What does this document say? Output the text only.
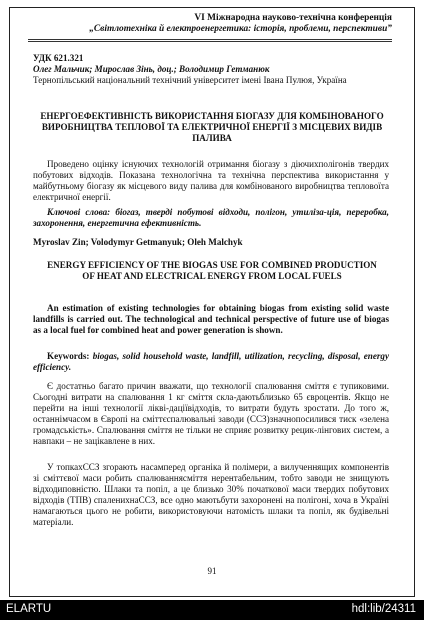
VI Міжнародна науково-технічна конференція
„Світлотехніка й електроенергетика: історія, проблеми, перспективи”
УДК 621.321
Олег Мальчик; Мирослав Зінь, доц.; Володимир Гетманюк
Тернопільський національний технічний університет імені Івана Пулюя, Україна
ЕНЕРГОЕФЕКТИВНІСТЬ ВИКОРИСТАННЯ БІОГАЗУ ДЛЯ КОМБІНОВАНОГО ВИРОБНИЦТВА ТЕПЛОВОЇ ТА ЕЛЕКТРИЧНОЇ ЕНЕРГІЇ З МІСЦЕВИХ ВИДІВ ПАЛИВА
Проведено оцінку існуючих технологій отримання біогазу з діючихполігонів твердих побутових відходів. Показана технологічна та технічна перспектива використання у майбутньому біогазу як місцевого виду палива для комбінованого виробництва тепловоїта електричної енергії.
Ключові слова: біогаз, тверді побутові відходи, полігон, утиліза-ція, переробка, захоронення, енергетична ефективність.
Myroslav Zin; Volodymyr Getmanyuk; Oleh Malchyk
ENERGY EFFICIENCY OF THE BIOGAS USE FOR COMBINED PRODUCTION OF HEAT AND ELECTRICAL ENERGY FROM LOCAL FUELS
An estimation of existing technologies for obtaining biogas from existing solid waste landfills is carried out. The technological and technical perspective of future use of biogas as a local fuel for combined heat and power generation is shown.
Keywords: biogas, solid household waste, landfill, utilization, recycling, disposal, energy efficiency.
Є достатньо багато причин вважати, що технології спалювання сміття є тупиковими. Сьогодні витрати на спалювання 1 кг сміття скла-даютьблизько 65 євроцентів. Якщо не перейти на інші технології лікві-даціївідходів, то витрати будуть зростати. До того ж, останнімчасом в Європі на сміттєспалювальні заводи (ССЗ)значнопосилився тиск «зелена громадськість». Спалювання сміття не тільки не сприяє розвитку рецик-лінгових систем, а навпаки – не зацікавлене в них.
У топкахССЗ згорають насамперед органіка й полімери, а вилученнящих компонентів зі сміттєвої маси робить спалюваннясміття нерентабельним, тобто заводи не знищують відходиповністю. Шлаки та попіл, а це близько 30% початкової маси твердих побутових відходів (ТПВ) спаленихнаССЗ, все одно маютьбути захоронені на полігоні, хоча в Україні намагаються цього не робити, використовуючи натомість шлаки та попіл, як будівельні матеріали.
91
ELARTU	hdl:lib/24311
